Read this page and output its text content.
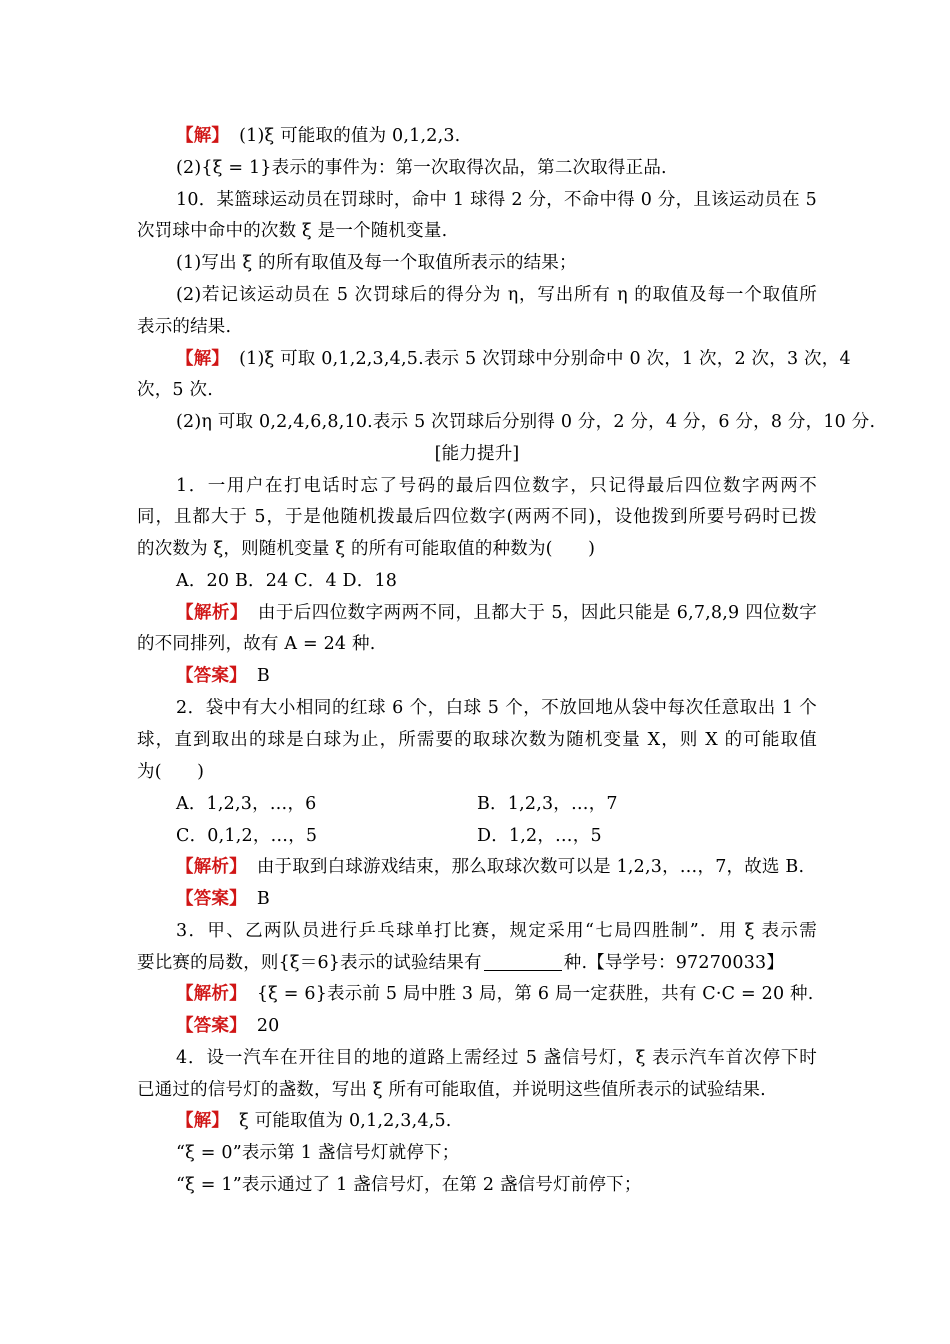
【解】 (1)ξ 可能取的值为 0,1,2,3.
(2){ξ = 1}表示的事件为：第一次取得次品，第二次取得正品.
10．某篮球运动员在罚球时，命中 1 球得 2 分，不命中得 0 分，且该运动员在 5
次罚球中命中的次数 ξ 是一个随机变量.
(1)写出 ξ 的所有取值及每一个取值所表示的结果；
(2)若记该运动员在 5 次罚球后的得分为 η，写出所有 η 的取值及每一个取值所
表示的结果.
【解】 (1)ξ 可取 0,1,2,3,4,5.表示 5 次罚球中分别命中 0 次，1 次，2 次，3 次，4
次，5 次.
(2)η 可取 0,2,4,6,8,10.表示 5 次罚球后分别得 0 分，2 分，4 分，6 分，8 分，10 分.
[能力提升]
1．一用户在打电话时忘了号码的最后四位数字，只记得最后四位数字两两不
同，且都大于 5，于是他随机拨最后四位数字(两两不同)，设他拨到所要号码时已拨
的次数为 ξ，则随机变量 ξ 的所有可能取值的种数为(　　)
A．20 B．24 C．4 D．18
【解析】 由于后四位数字两两不同，且都大于 5，因此只能是 6,7,8,9 四位数字
的不同排列，故有 A = 24 种.
【答案】 B
2．袋中有大小相同的红球 6 个，白球 5 个，不放回地从袋中每次任意取出 1 个
球，直到取出的球是白球为止，所需要的取球次数为随机变量 X，则 X 的可能取值
为(　　)
A．1,2,3，…，6	B．1,2,3，…，7
C．0,1,2，…，5	D．1,2，…，5
【解析】 由于取到白球游戏结束，那么取球次数可以是 1,2,3，…，7，故选 B.
【答案】 B
3．甲、乙两队员进行乒乓球单打比赛，规定采用“七局四胜制”．用 ξ 表示需
要比赛的局数，则{ξ＝6}表示的试验结果有	种.【导学号：97270033】
【解析】 {ξ = 6}表示前 5 局中胜 3 局，第 6 局一定获胜，共有 C·C = 20 种.
【答案】 20
4．设一汽车在开往目的地的道路上需经过 5 盏信号灯，ξ 表示汽车首次停下时
已通过的信号灯的盏数，写出 ξ 所有可能取值，并说明这些值所表示的试验结果.
【解】 ξ 可能取值为 0,1,2,3,4,5.
“ξ = 0”表示第 1 盏信号灯就停下；
“ξ = 1”表示通过了 1 盏信号灯，在第 2 盏信号灯前停下；
